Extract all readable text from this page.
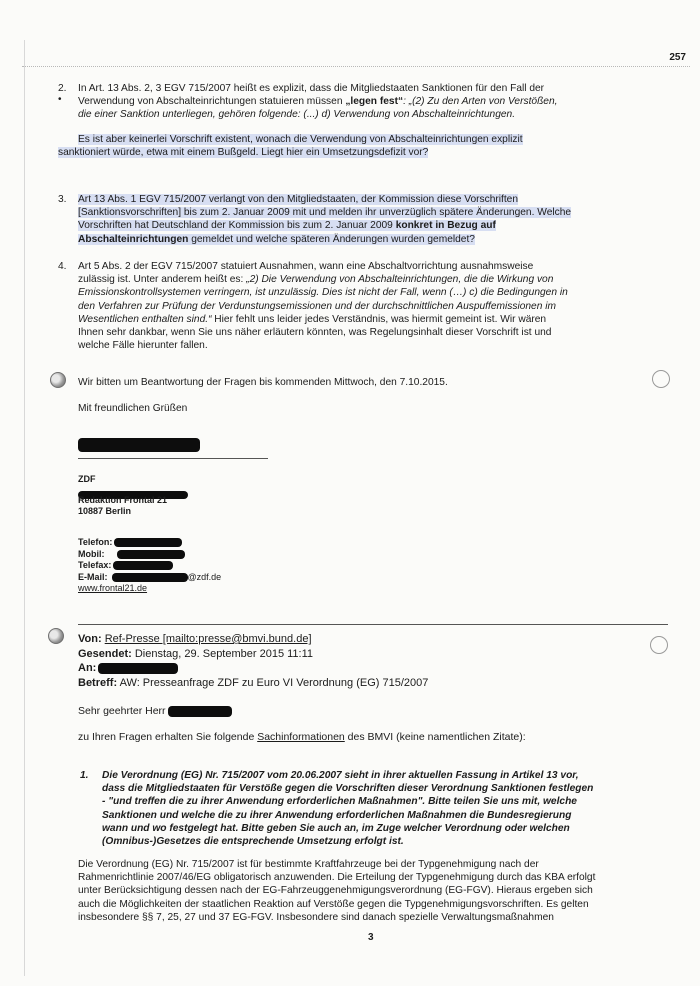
257
•
2. In Art. 13 Abs. 2, 3 EGV 715/2007 heißt es explizit, dass die Mitgliedstaaten Sanktionen für den Fall der
Verwendung von Abschalteinrichtungen statuieren müssen „legen fest“: „(2) Zu den Arten von Verstößen,
die einer Sanktion unterliegen, gehören folgende: (...) d) Verwendung von Abschalteinrichtungen.
Es ist aber keinerlei Vorschrift existent, wonach die Verwendung von Abschalteinrichtungen explizit
sanktioniert würde, etwa mit einem Bußgeld. Liegt hier ein Umsetzungsdefizit vor?
3. Art 13 Abs. 1 EGV 715/2007 verlangt von den Mitgliedstaaten, der Kommission diese Vorschriften
[Sanktionsvorschriften] bis zum 2. Januar 2009 mit und melden ihr unverzüglich spätere Änderungen. Welche
Vorschriften hat Deutschland der Kommission bis zum 2. Januar 2009 konkret in Bezug auf
Abschalteinrichtungen gemeldet und welche späteren Änderungen wurden gemeldet?
4. Art 5 Abs. 2 der EGV 715/2007 statuiert Ausnahmen, wann eine Abschaltvorrichtung ausnahmsweise
zulässig ist. Unter anderem heißt es: „2) Die Verwendung von Abschalteinrichtungen, die die Wirkung von
Emissionskontrollsystemen verringern, ist unzulässig. Dies ist nicht der Fall, wenn (…) c) die Bedingungen in
den Verfahren zur Prüfung der Verdunstungsemissionen und der durchschnittlichen Auspuffemissionen im
Wesentlichen enthalten sind.“ Hier fehlt uns leider jedes Verständnis, was hiermit gemeint ist. Wir wären
Ihnen sehr dankbar, wenn Sie uns näher erläutern könnten, was Regelungsinhalt dieser Vorschrift ist und
welche Fälle hierunter fallen.
Wir bitten um Beantwortung der Fragen bis kommenden Mittwoch, den 7.10.2015.
Mit freundlichen Grüßen
ZDF
Redaktion Frontal 21
10887 Berlin
Telefon:
Mobil:
Telefax:
E-Mail:	@zdf.de
www.frontal21.de
Von: Ref-Presse [mailto:presse@bmvi.bund.de]
Gesendet: Dienstag, 29. September 2015 11:11
An:
Betreff: AW: Presseanfrage ZDF zu Euro VI Verordnung (EG) 715/2007
Sehr geehrter Herr
zu Ihren Fragen erhalten Sie folgende Sachinformationen des BMVI (keine namentlichen Zitate):
1. Die Verordnung (EG) Nr. 715/2007 vom 20.06.2007 sieht in ihrer aktuellen Fassung in Artikel 13 vor,
dass die Mitgliedstaaten für Verstöße gegen die Vorschriften dieser Verordnung Sanktionen festlegen
- "und treffen die zu ihrer Anwendung erforderlichen Maßnahmen". Bitte teilen Sie uns mit, welche
Sanktionen und welche die zu ihrer Anwendung erforderlichen Maßnahmen die Bundesregierung
wann und wo festgelegt hat. Bitte geben Sie auch an, im Zuge welcher Verordnung oder welchen
(Omnibus-)Gesetzes die entsprechende Umsetzung erfolgt ist.
Die Verordnung (EG) Nr. 715/2007 ist für bestimmte Kraftfahrzeuge bei der Typgenehmigung nach der
Rahmenrichtlinie 2007/46/EG obligatorisch anzuwenden. Die Erteilung der Typgenehmigung durch das KBA erfolgt
unter Berücksichtigung dessen nach der EG-Fahrzeuggenehmigungsverordnung (EG-FGV). Hieraus ergeben sich
auch die Möglichkeiten der staatlichen Reaktion auf Verstöße gegen die Typgenehmigungsvorschriften. Es gelten
insbesondere §§ 7, 25, 27 und 37 EG-FGV. Insbesondere sind danach spezielle Verwaltungsmaßnahmen
3
